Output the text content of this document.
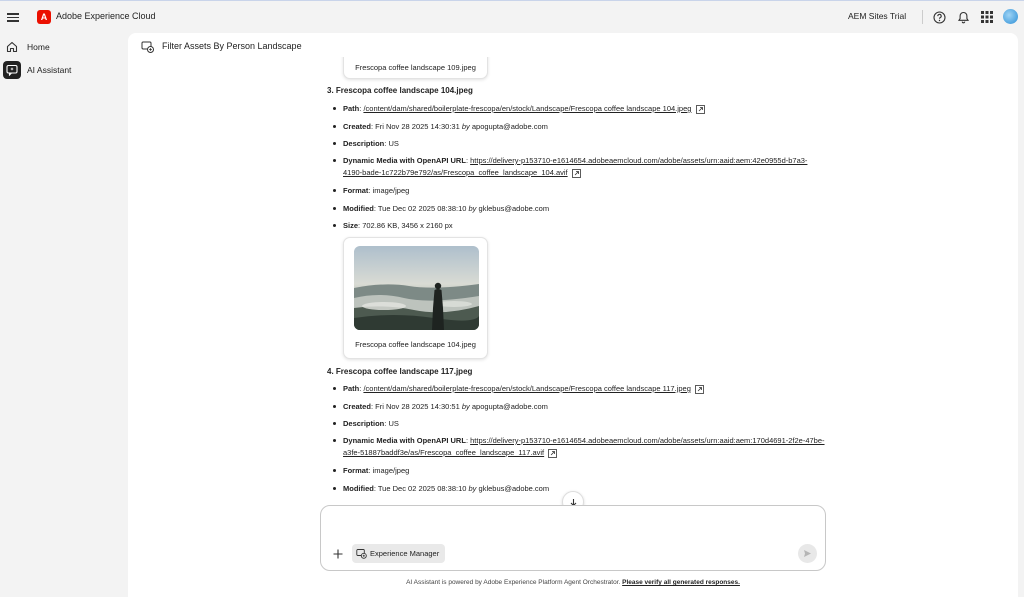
A Adobe Experience Cloud	AEM Sites Trial
Home
AI Assistant
Filter Assets By Person Landscape
Frescopa coffee landscape 109.jpeg
3. Frescopa coffee landscape 104.jpeg
Path: /content/dam/shared/boilerplate-frescopa/en/stock/Landscape/Frescopa coffee landscape 104.jpeg
Created: Fri Nov 28 2025 14:30:31 by apogupta@adobe.com
Description: US
Dynamic Media with OpenAPI URL: https://delivery-p153710-e1614654.adobeaemcloud.com/adobe/assets/urn:aaid:aem:42e0955d-b7a3-
4190-bade-1c722b79e792/as/Frescopa_coffee_landscape_104.avif
Format: image/jpeg
Modified: Tue Dec 02 2025 08:38:10 by gklebus@adobe.com
Size: 702.86 KB, 3456 x 2160 px
Frescopa coffee landscape 104.jpeg
4. Frescopa coffee landscape 117.jpeg
Path: /content/dam/shared/boilerplate-frescopa/en/stock/Landscape/Frescopa coffee landscape 117.jpeg
Created: Fri Nov 28 2025 14:30:51 by apogupta@adobe.com
Description: US
Dynamic Media with OpenAPI URL: https://delivery-p153710-e1614654.adobeaemcloud.com/adobe/assets/urn:aaid:aem:170d4691-2f2e-47be-
a3fe-51887baddf3e/as/Frescopa_coffee_landscape_117.avif
Format: image/jpeg
Modified: Tue Dec 02 2025 08:38:10 by gklebus@adobe.com
Experience Manager
AI Assistant is powered by Adobe Experience Platform Agent Orchestrator. Please verify all generated responses.
